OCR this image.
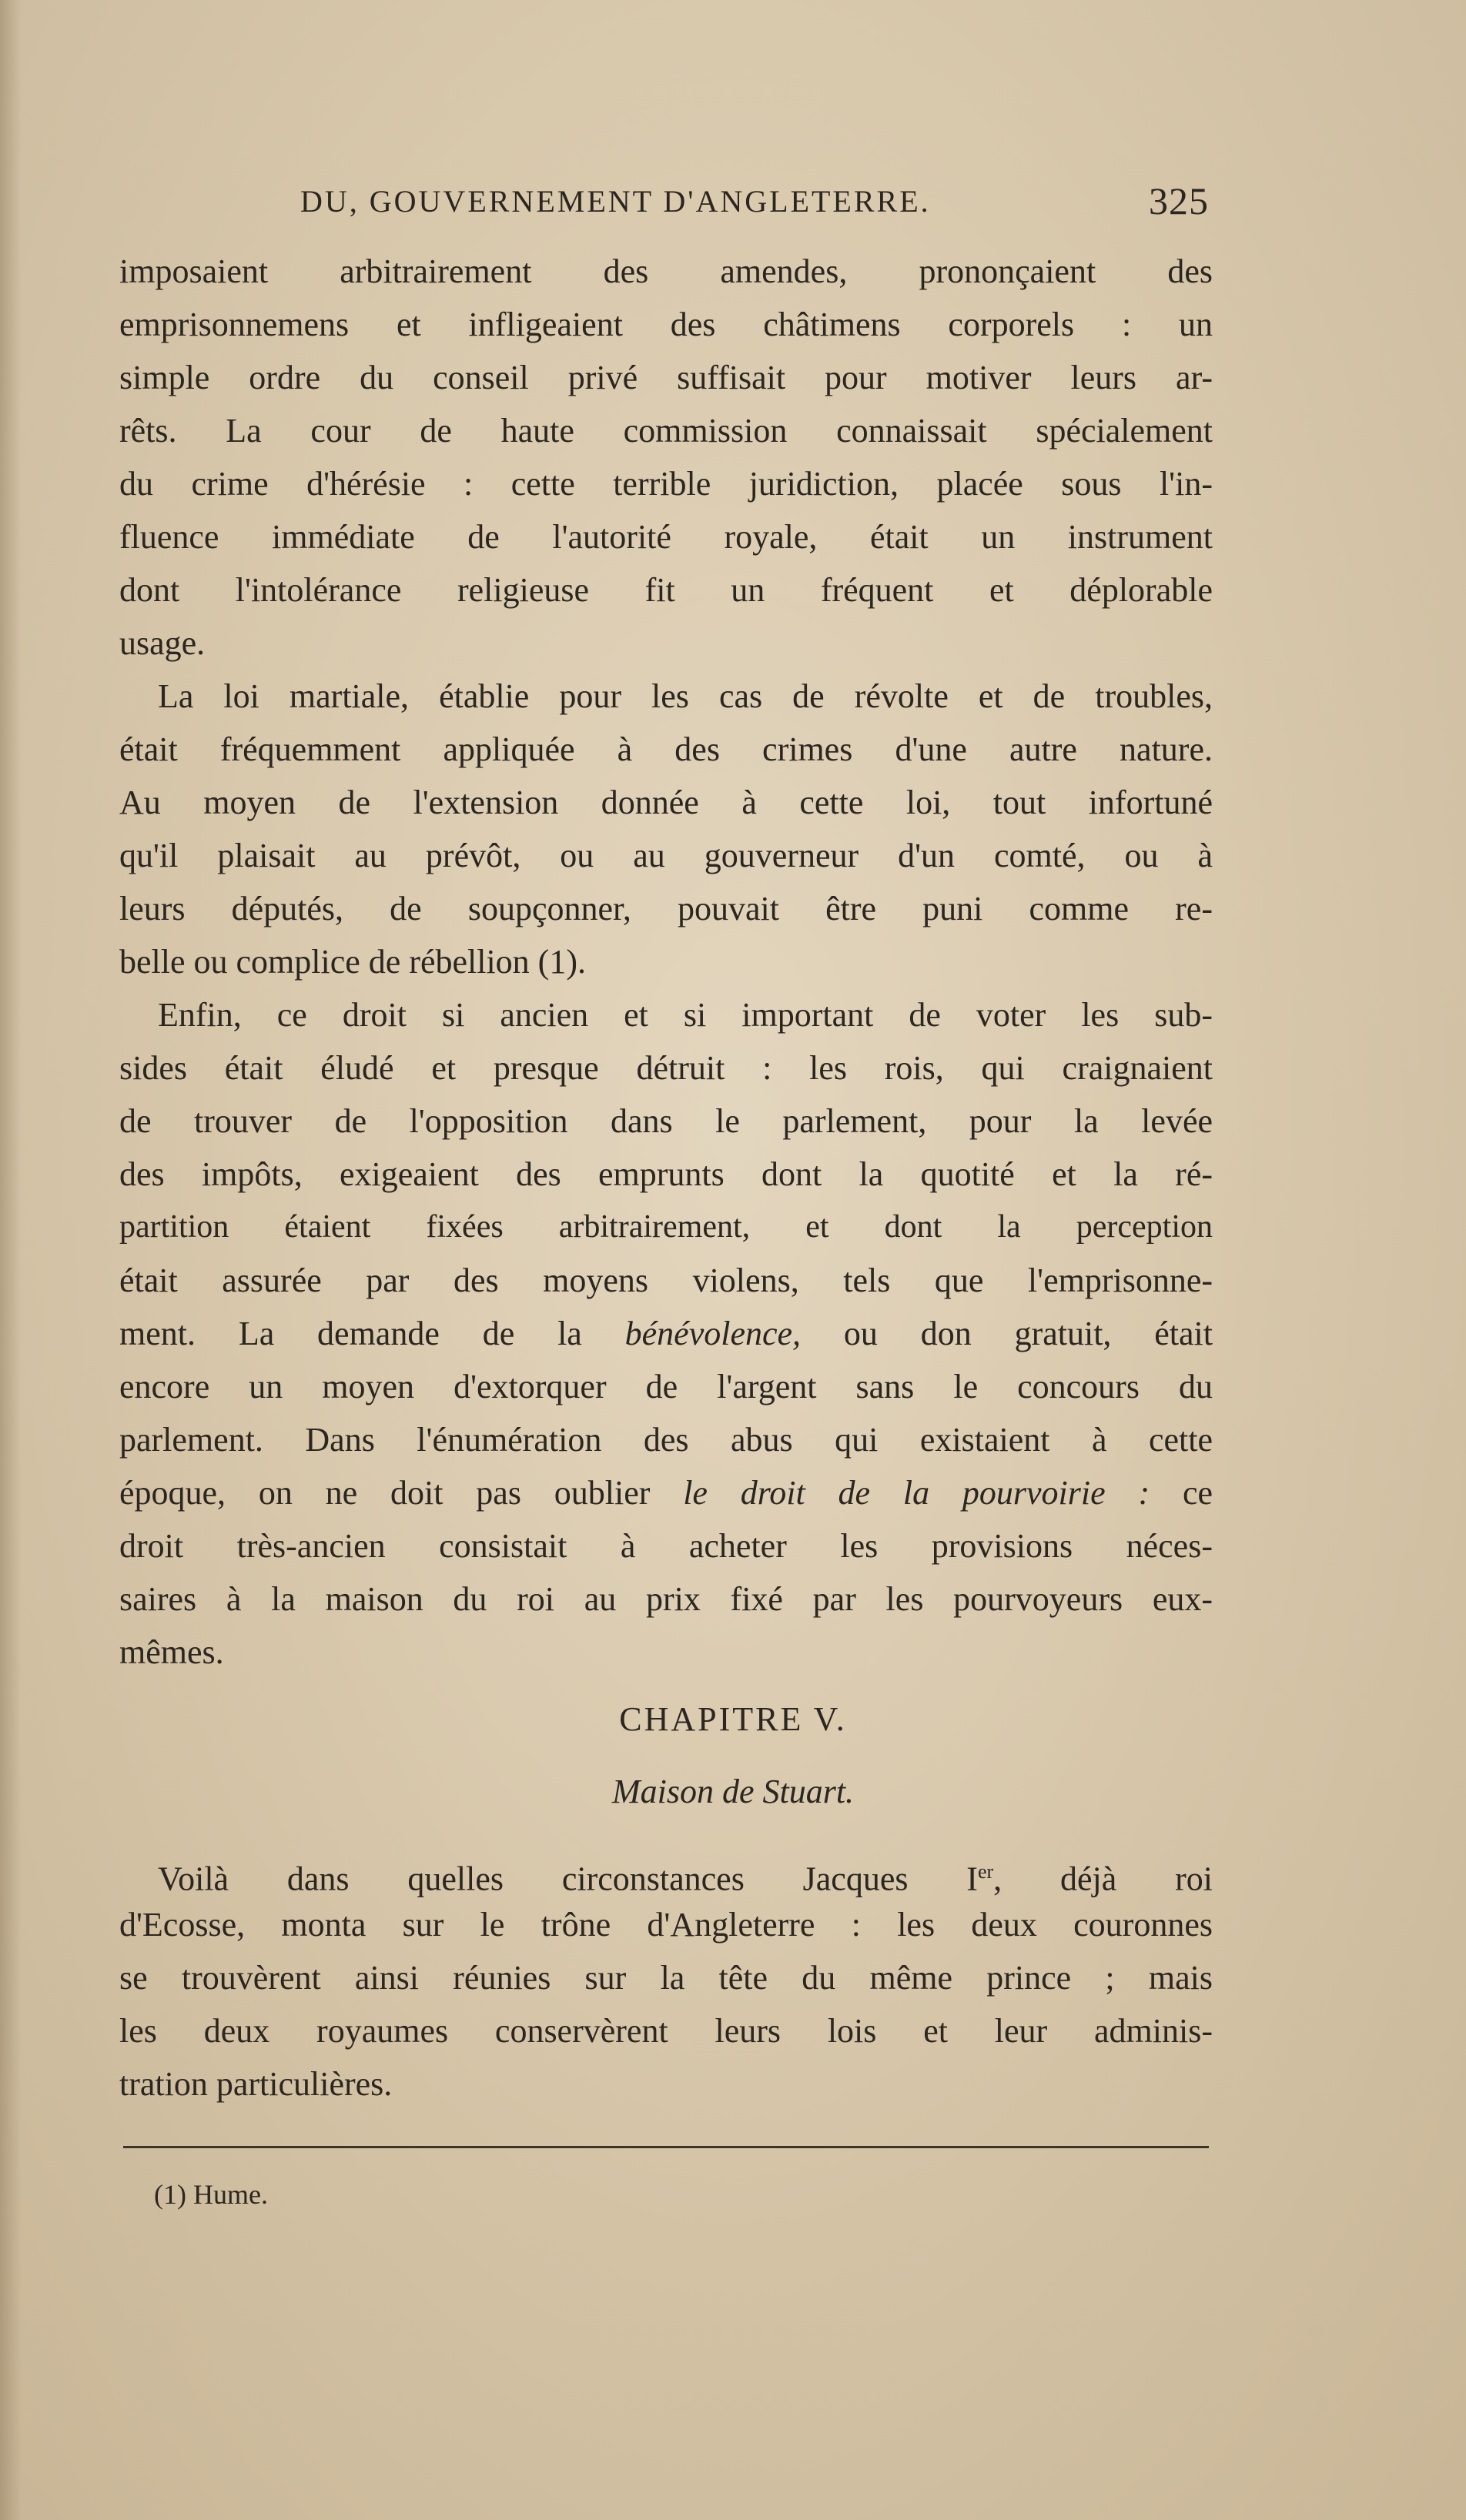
DU, GOUVERNEMENT D'ANGLETERRE.	325
imposaient arbitrairement des amendes, prononçaient des
emprisonnemens et infligeaient des châtimens corporels : un
simple ordre du conseil privé suffisait pour motiver leurs ar-
rêts. La cour de haute commission connaissait spécialement
du crime d'hérésie : cette terrible juridiction, placée sous l'in-
fluence immédiate de l'autorité royale, était un instrument
dont l'intolérance religieuse fit un fréquent et déplorable
usage.
La loi martiale, établie pour les cas de révolte et de troubles,
était fréquemment appliquée à des crimes d'une autre nature.
Au moyen de l'extension donnée à cette loi, tout infortuné
qu'il plaisait au prévôt, ou au gouverneur d'un comté, ou à
leurs députés, de soupçonner, pouvait être puni comme re-
belle ou complice de rébellion (1).
Enfin, ce droit si ancien et si important de voter les sub-
sides était éludé et presque détruit : les rois, qui craignaient
de trouver de l'opposition dans le parlement, pour la levée
des impôts, exigeaient des emprunts dont la quotité et la ré-
partition étaient fixées arbitrairement, et dont la perception
était assurée par des moyens violens, tels que l'emprisonne-
ment. La demande de la bénévolence, ou don gratuit, était
encore un moyen d'extorquer de l'argent sans le concours du
parlement. Dans l'énumération des abus qui existaient à cette
époque, on ne doit pas oublier le droit de la pourvoirie : ce
droit très-ancien consistait à acheter les provisions néces-
saires à la maison du roi au prix fixé par les pourvoyeurs eux-
mêmes.
CHAPITRE V.
Maison de Stuart.
Voilà dans quelles circonstances Jacques Ier, déjà roi
d'Ecosse, monta sur le trône d'Angleterre : les deux couronnes
se trouvèrent ainsi réunies sur la tête du même prince ; mais
les deux royaumes conservèrent leurs lois et leur adminis-
tration particulières.
(1) Hume.
